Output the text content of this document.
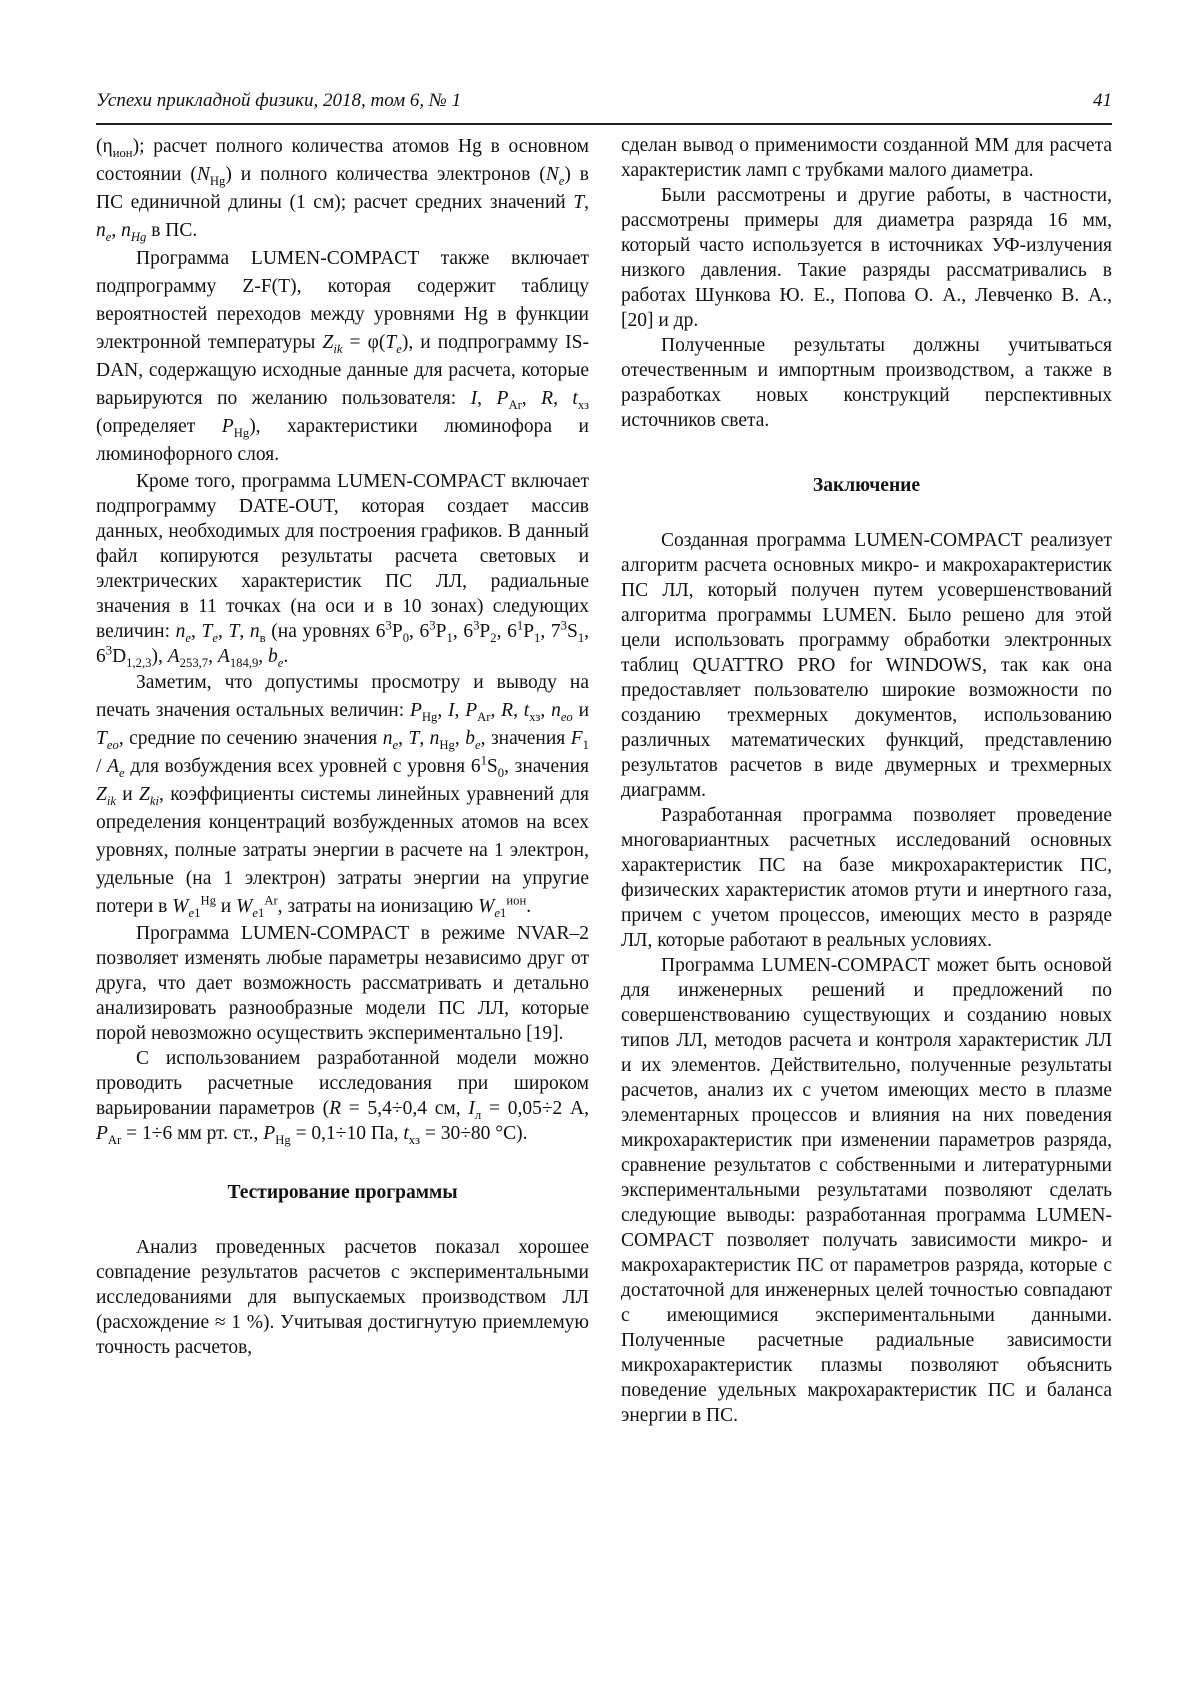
Успехи прикладной физики, 2018, том 6, № 1	41

(ηион); расчет полного количества атомов Hg в основном состоянии (NHg) и полного количества электронов (Ne) в ПС единичной длины (1 см); расчет средних значений T, ne, nHg в ПС.

Программа LUMEN-COMPACT также включает подпрограмму Z-F(T), которая содержит таблицу вероятностей переходов между уровнями Hg в функции электронной температуры Zik = φ(Te), и подпрограмму IS-DAN, содержащую исходные данные для расчета, которые варьируются по желанию пользователя: I, PAr, R, tхз (определяет PHg), характеристики люминофора и люминофорного слоя.

Кроме того, программа LUMEN-COMPACT включает подпрограмму DATE-OUT, которая создает массив данных, необходимых для построения графиков. В данный файл копируются результаты расчета световых и электрических характеристик ПС ЛЛ, радиальные значения в 11 точках (на оси и в 10 зонах) следующих величин: ne, Te, T, nв (на уровнях 63P0, 63P1, 63P2, 61P1, 73S1, 63D1,2,3), A253,7, A184,9, be.

Заметим, что допустимы просмотру и выводу на печать значения остальных величин: PHg, I, PAr, R, tхз, neo и Teo, средние по сечению значения ne, T, nHg, be, значения F1 / Ae для возбуждения всех уровней с уровня 61S0, значения Zik и Zki, коэффициенты системы линейных уравнений для определения концентраций возбужденных атомов на всех уровнях, полные затраты энергии в расчете на 1 электрон, удельные (на 1 электрон) затраты энергии на упругие потери в We1Hg и We1Ar, затраты на ионизацию We1ион.

Программа LUMEN-COMPACT в режиме NVAR–2 позволяет изменять любые параметры независимо друг от друга, что дает возможность рассматривать и детально анализировать разнообразные модели ПС ЛЛ, которые порой невозможно осуществить экспериментально [19].

С использованием разработанной модели можно проводить расчетные исследования при широком варьировании параметров (R = 5,4÷0,4 см, Iл = 0,05÷2 А, PAr = 1÷6 мм рт. ст., PHg = 0,1÷10 Па, tхз = 30÷80 °С).

Тестирование программы

Анализ проведенных расчетов показал хорошее совпадение результатов расчетов с экспериментальными исследованиями для выпускаемых производством ЛЛ (расхождение ≈ 1 %). Учитывая достигнутую приемлемую точность расчетов,

сделан вывод о применимости созданной ММ для расчета характеристик ламп с трубками малого диаметра.

Были рассмотрены и другие работы, в частности, рассмотрены примеры для диаметра разряда 16 мм, который часто используется в источниках УФ-излучения низкого давления. Такие разряды рассматривались в работах Шункова Ю. Е., Попова О. А., Левченко В. А., [20] и др.

Полученные результаты должны учитываться отечественным и импортным производством, а также в разработках новых конструкций перспективных источников света.

Заключение

Созданная программа LUMEN-COMPACT реализует алгоритм расчета основных микро- и макрохарактеристик ПС ЛЛ, который получен путем усовершенствований алгоритма программы LUMEN. Было решено для этой цели использовать программу обработки электронных таблиц QUATTRO PRO for WINDOWS, так как она предоставляет пользователю широкие возможности по созданию трехмерных документов, использованию различных математических функций, представлению результатов расчетов в виде двумерных и трехмерных диаграмм.

Разработанная программа позволяет проведение многовариантных расчетных исследований основных характеристик ПС на базе микрохарактеристик ПС, физических характеристик атомов ртути и инертного газа, причем с учетом процессов, имеющих место в разряде ЛЛ, которые работают в реальных условиях.

Программа LUMEN-COMPACT может быть основой для инженерных решений и предложений по совершенствованию существующих и созданию новых типов ЛЛ, методов расчета и контроля характеристик ЛЛ и их элементов. Действительно, полученные результаты расчетов, анализ их с учетом имеющих место в плазме элементарных процессов и влияния на них поведения микрохарактеристик при изменении параметров разряда, сравнение результатов с собственными и литературными экспериментальными результатами позволяют сделать следующие выводы: разработанная программа LUMEN-COMPACT позволяет получать зависимости микро- и макрохарактеристик ПС от параметров разряда, которые с достаточной для инженерных целей точностью совпадают с имеющимися экспериментальными данными. Полученные расчетные радиальные зависимости микрохарактеристик плазмы позволяют объяснить поведение удельных макрохарактеристик ПС и баланса энергии в ПС.
